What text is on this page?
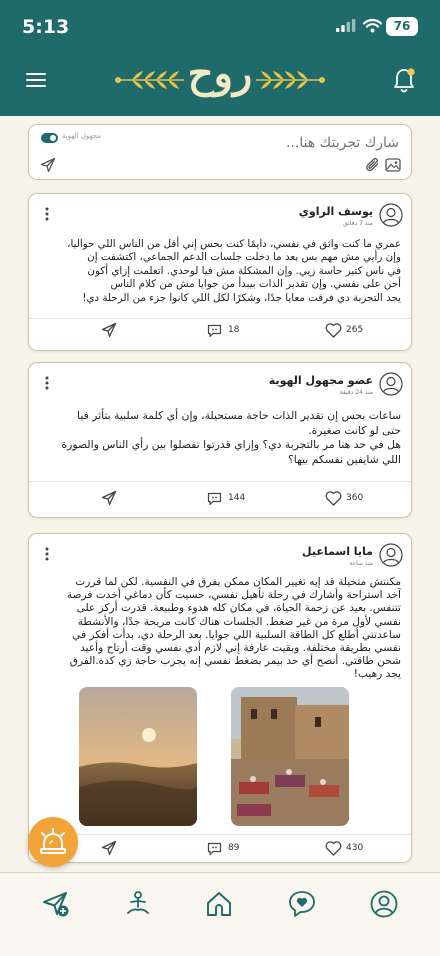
5:13	76
روح
مجهول الهوية
شارك تجربتك هنا...
يوسف الراوي
منذ 7 دقائق
عمري ما كنت واثق في نفسي، دايمًا كنت بحس إني أقل من الناس اللي حواليا،
وإن رأيي مش مهم بس بعد ما دخلت جلسات الدعم الجماعي، اكتشفت إن
في ناس كتير حاسة زيي. وإن المشكلة مش فيا لوحدي. اتعلمت إزاي أكون
أحن على نفسي. وإن تقدير الذات بيبدأ من جوايا مش من كلام الناس
يجد التجربة دي فرقت معايا جدًا، وشكرًا لكل اللي كانوا جزء من الرحلة دي!
18	265
عضو مجهول الهوية
منذ 24 دقيقة
ساعات بحس إن تقدير الذات حاجة مستحيلة، وإن أي كلمة سلبية بتأثر فيا
حتى لو كانت صغيرة.
هل في حد هنا مر بالتجربة دي؟ وإزاي قدرتوا تفصلوا بين رأي الناس والصورة
اللي شايفين نفسكم بيها؟
144	360
مايا اسماعيل
منذ ساعة
مكنتش متخيلة قد إيه تغيير المكان ممكن يفرق في النفسية. لكن لما قررت
آخد استراحة وأشارك في رحلة تأهيل نفسي، حسيت كأن دماغي أخدت فرصة
تتنفس. بعيد عن زحمة الحياة، في مكان كله هدوء وطبيعة. قدرت أركز على
نفسي لأول مرة من غير ضغط. الجلسات هناك كانت مريحة جدًا، والأنشطة
ساعدتني أطلع كل الطاقة السلبية اللي جوايا. بعد الرحلة دي، بدأت أفكر في
نفسي بطريقة مختلفة. وبقيت عارفة إني لازم أدي نفسي وقت أرتاح وأعيد
شحن طاقتي. أنصح أي حد بيمر بضغط نفسي إنه يجرب حاجة زي كده.الفرق
يجد رهيب!
89	430
